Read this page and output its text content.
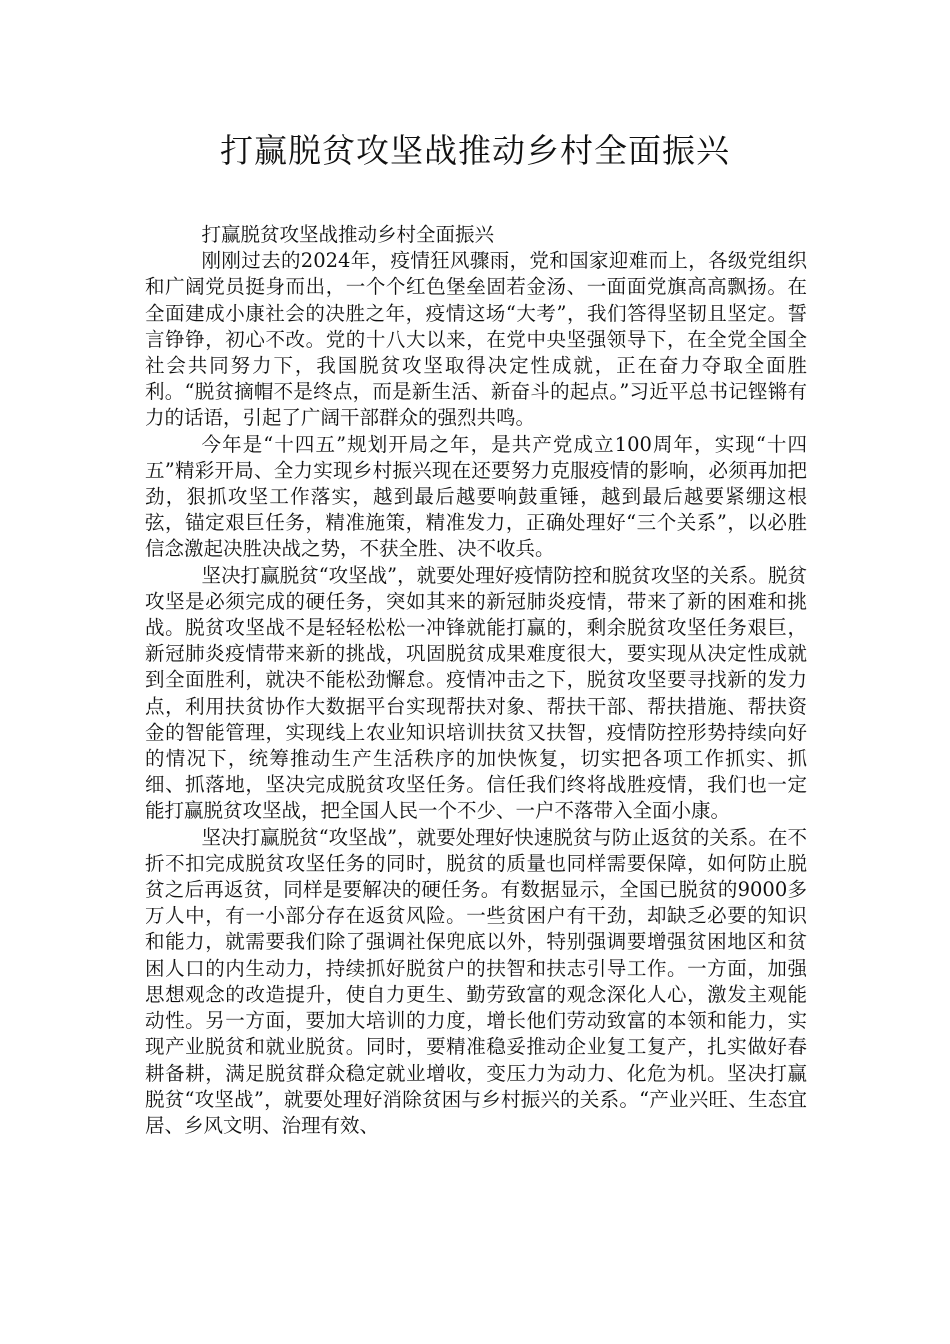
打赢脱贫攻坚战推动乡村全面振兴

打赢脱贫攻坚战推动乡村全面振兴

刚刚过去的2024年，疫情狂风骤雨，党和国家迎难而上，各级党组织和广阔党员挺身而出，一个个红色堡垒固若金汤、一面面党旗高高飘扬。在全面建成小康社会的决胜之年，疫情这场“大考”，我们答得坚韧且坚定。誓言铮铮，初心不改。党的十八大以来，在党中央坚强领导下，在全党全国全社会共同努力下，我国脱贫攻坚取得决定性成就，正在奋力夺取全面胜利。“脱贫摘帽不是终点，而是新生活、新奋斗的起点。”习近平总书记铿锵有力的话语，引起了广阔干部群众的强烈共鸣。

今年是“十四五”规划开局之年，是共产党成立100周年，实现“十四五”精彩开局、全力实现乡村振兴现在还要努力克服疫情的影响，必须再加把劲，狠抓攻坚工作落实，越到最后越要响鼓重锤，越到最后越要紧绷这根弦，锚定艰巨任务，精准施策，精准发力，正确处理好“三个关系”，以必胜信念激起决胜决战之势，不获全胜、决不收兵。

坚决打赢脱贫“攻坚战”，就要处理好疫情防控和脱贫攻坚的关系。脱贫攻坚是必须完成的硬任务，突如其来的新冠肺炎疫情，带来了新的困难和挑战。脱贫攻坚战不是轻轻松松一冲锋就能打赢的，剩余脱贫攻坚任务艰巨，新冠肺炎疫情带来新的挑战，巩固脱贫成果难度很大，要实现从决定性成就到全面胜利，就决不能松劲懈怠。疫情冲击之下，脱贫攻坚要寻找新的发力点，利用扶贫协作大数据平台实现帮扶对象、帮扶干部、帮扶措施、帮扶资金的智能管理，实现线上农业知识培训扶贫又扶智，疫情防控形势持续向好的情况下，统筹推动生产生活秩序的加快恢复，切实把各项工作抓实、抓细、抓落地，坚决完成脱贫攻坚任务。信任我们终将战胜疫情，我们也一定能打赢脱贫攻坚战，把全国人民一个不少、一户不落带入全面小康。

坚决打赢脱贫“攻坚战”，就要处理好快速脱贫与防止返贫的关系。在不折不扣完成脱贫攻坚任务的同时，脱贫的质量也同样需要保障，如何防止脱贫之后再返贫，同样是要解决的硬任务。有数据显示，全国已脱贫的9000多万人中，有一小部分存在返贫风险。一些贫困户有干劲，却缺乏必要的知识和能力，就需要我们除了强调社保兜底以外，特别强调要增强贫困地区和贫困人口的内生动力，持续抓好脱贫户的扶智和扶志引导工作。一方面，加强思想观念的改造提升，使自力更生、勤劳致富的观念深化人心，激发主观能动性。另一方面，要加大培训的力度，增长他们劳动致富的本领和能力，实现产业脱贫和就业脱贫。同时，要精准稳妥推动企业复工复产，扎实做好春耕备耕，满足脱贫群众稳定就业增收，变压力为动力、化危为机。坚决打赢脱贫“攻坚战”，就要处理好消除贫困与乡村振兴的关系。“产业兴旺、生态宜居、乡风文明、治理有效、
